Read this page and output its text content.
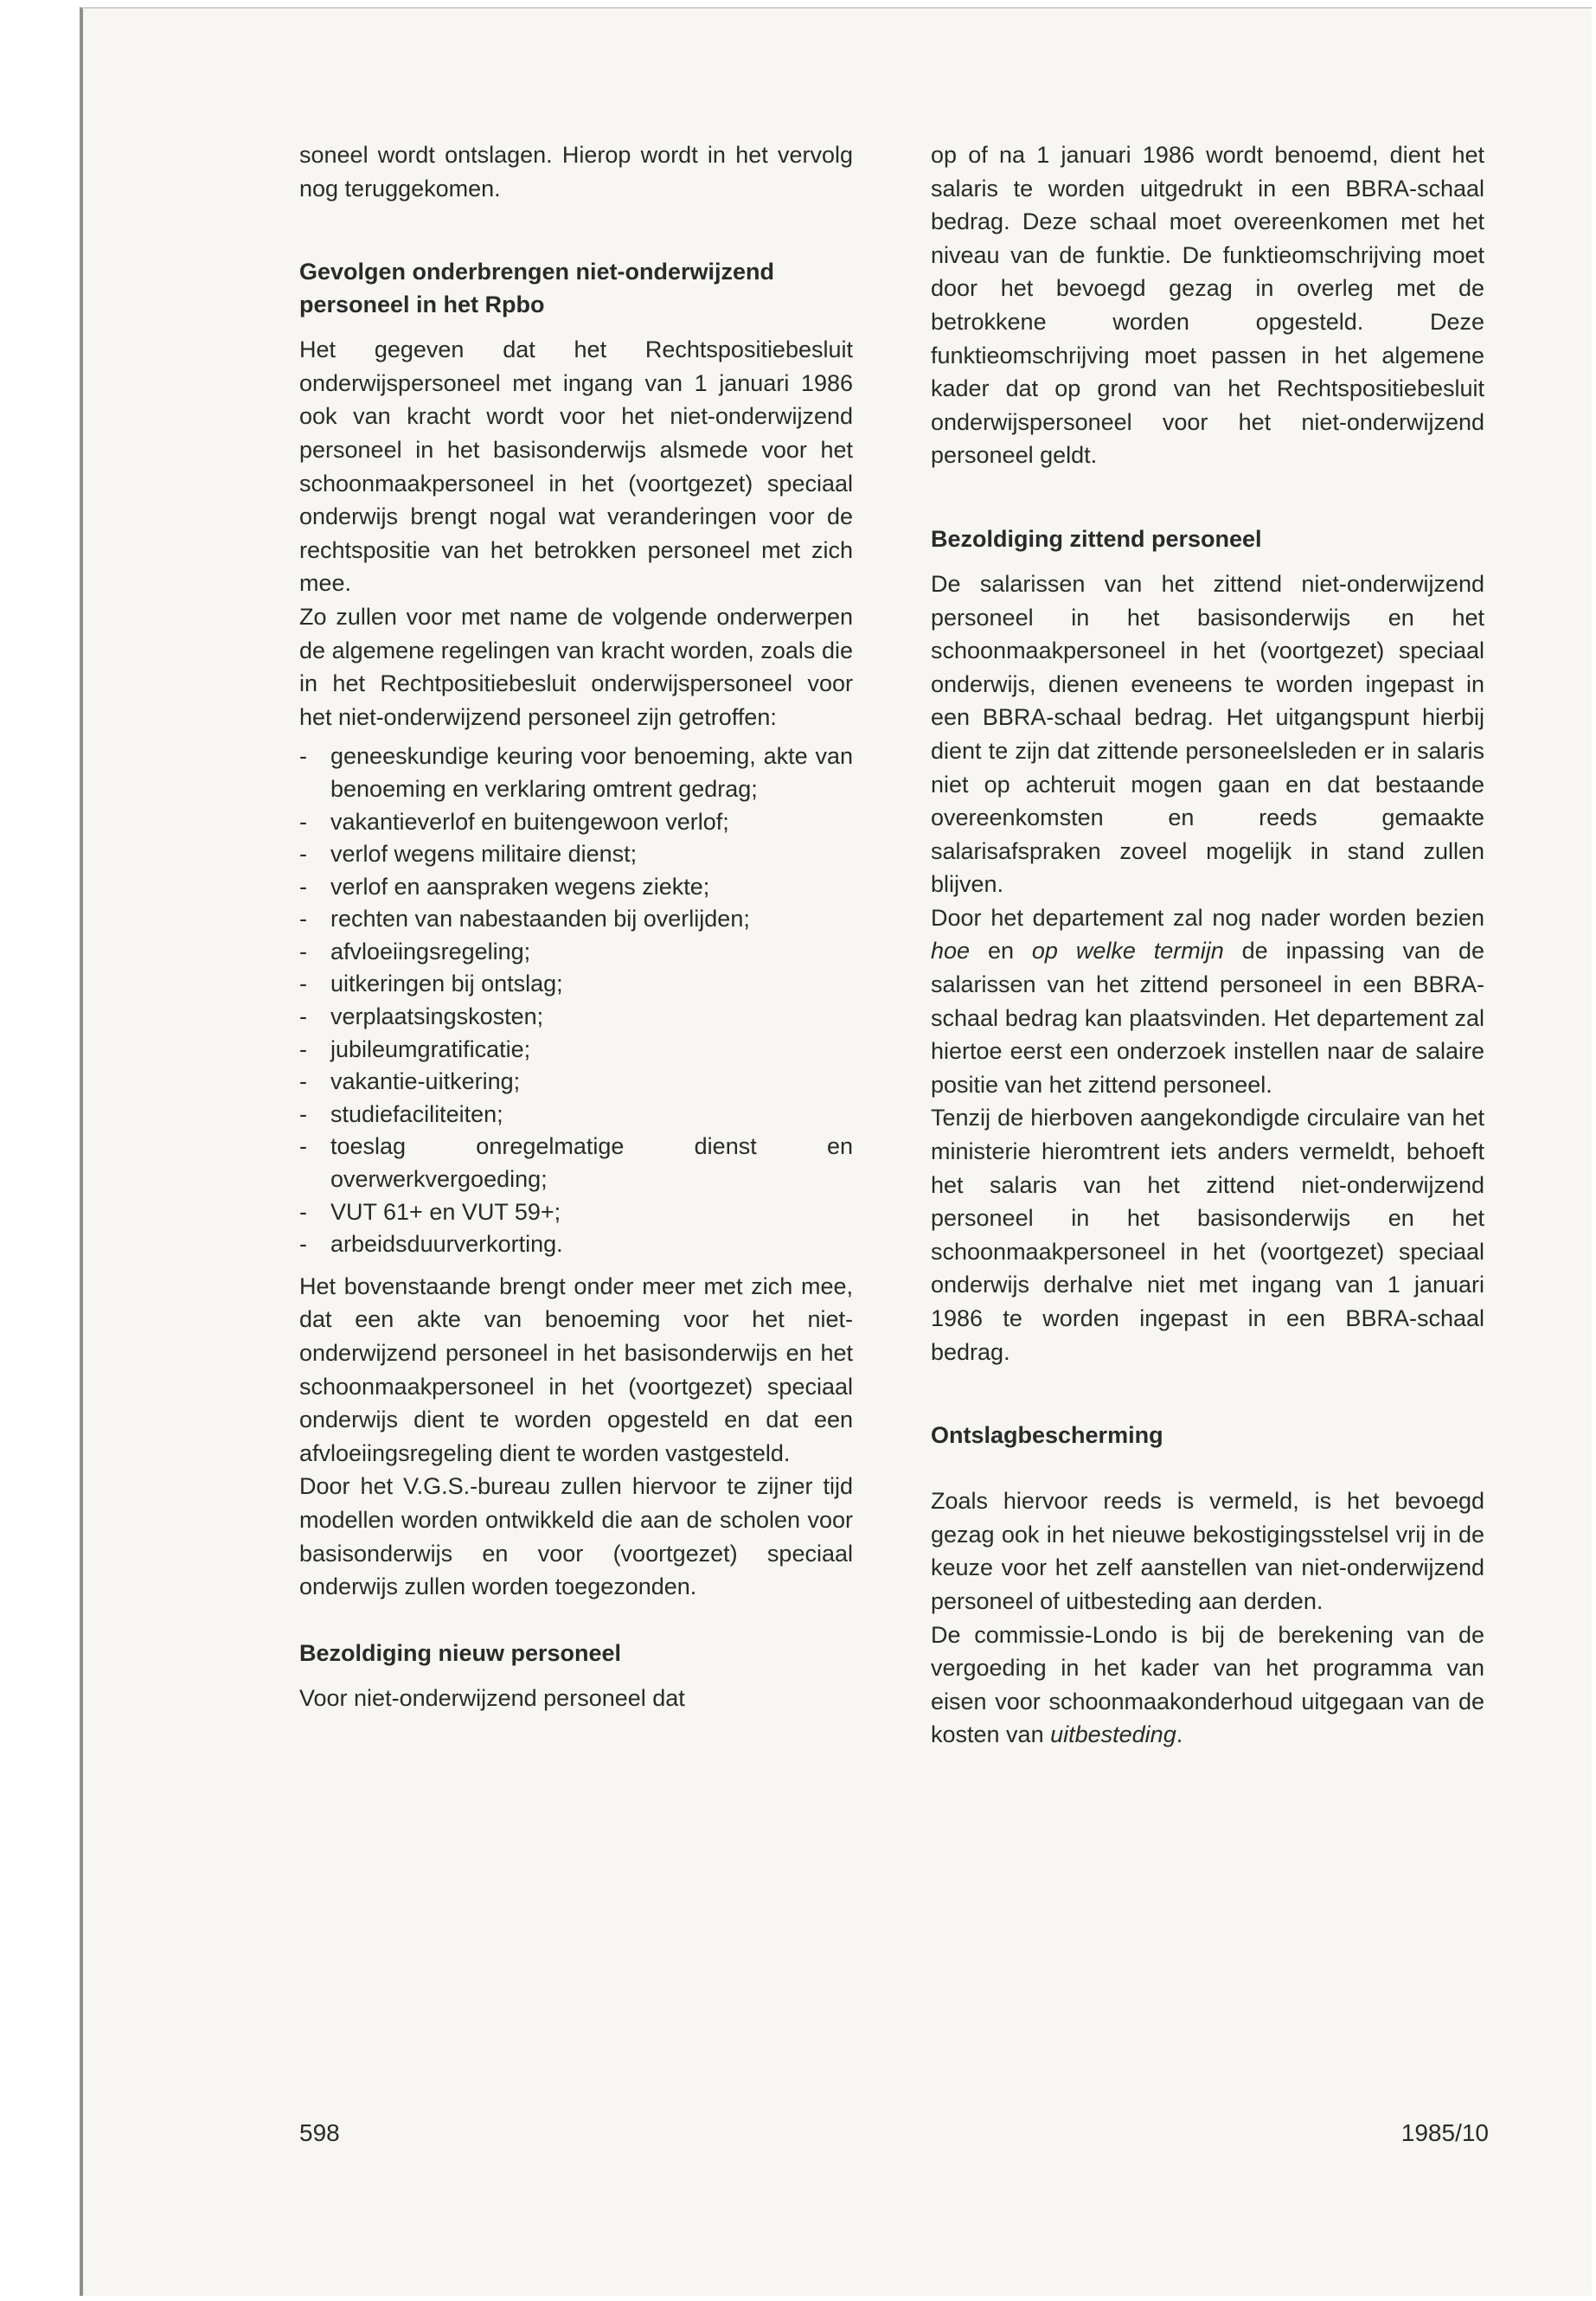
soneel wordt ontslagen. Hierop wordt in het vervolg nog teruggekomen.

Gevolgen onderbrengen niet-onderwijzend personeel in het Rpbo

Het gegeven dat het Rechtspositiebesluit onderwijspersoneel met ingang van 1 januari 1986 ook van kracht wordt voor het niet-onderwijzend personeel in het basisonderwijs alsmede voor het schoonmaakpersoneel in het (voortgezet) speciaal onderwijs brengt nogal wat veranderingen voor de rechtspositie van het betrokken personeel met zich mee.

Zo zullen voor met name de volgende onderwerpen de algemene regelingen van kracht worden, zoals die in het Rechtpositiebesluit onderwijspersoneel voor het niet-onderwijzend personeel zijn getroffen:

- geneeskundige keuring voor benoeming, akte van benoeming en verklaring omtrent gedrag;
- vakantieverlof en buitengewoon verlof;
- verlof wegens militaire dienst;
- verlof en aanspraken wegens ziekte;
- rechten van nabestaanden bij overlijden;
- afvloeiingsregeling;
- uitkeringen bij ontslag;
- verplaatsingskosten;
- jubileumgratificatie;
- vakantie-uitkering;
- studiefaciliteiten;
- toeslag onregelmatige dienst en overwerkvergoeding;
- VUT 61+ en VUT 59+;
- arbeidsduurverkorting.

Het bovenstaande brengt onder meer met zich mee, dat een akte van benoeming voor het niet-onderwijzend personeel in het basisonderwijs en het schoonmaakpersoneel in het (voortgezet) speciaal onderwijs dient te worden opgesteld en dat een afvloeiingsregeling dient te worden vastgesteld.

Door het V.G.S.-bureau zullen hiervoor te zijner tijd modellen worden ontwikkeld die aan de scholen voor basisonderwijs en voor (voortgezet) speciaal onderwijs zullen worden toegezonden.

Bezoldiging nieuw personeel

Voor niet-onderwijzend personeel dat

op of na 1 januari 1986 wordt benoemd, dient het salaris te worden uitgedrukt in een BBRA-schaal bedrag. Deze schaal moet overeenkomen met het niveau van de funktie. De funktieomschrijving moet door het bevoegd gezag in overleg met de betrokkene worden opgesteld. Deze funktieomschrijving moet passen in het algemene kader dat op grond van het Rechtspositiebesluit onderwijspersoneel voor het niet-onderwijzend personeel geldt.

Bezoldiging zittend personeel

De salarissen van het zittend niet-onderwijzend personeel in het basisonderwijs en het schoonmaakpersoneel in het (voortgezet) speciaal onderwijs, dienen eveneens te worden ingepast in een BBRA-schaal bedrag. Het uitgangspunt hierbij dient te zijn dat zittende personeelsleden er in salaris niet op achteruit mogen gaan en dat bestaande overeenkomsten en reeds gemaakte salarisafspraken zoveel mogelijk in stand zullen blijven.

Door het departement zal nog nader worden bezien hoe en op welke termijn de inpassing van de salarissen van het zittend personeel in een BBRA-schaal bedrag kan plaatsvinden. Het departement zal hiertoe eerst een onderzoek instellen naar de salaire positie van het zittend personeel.

Tenzij de hierboven aangekondigde circulaire van het ministerie hieromtrent iets anders vermeldt, behoeft het salaris van het zittend niet-onderwijzend personeel in het basisonderwijs en het schoonmaakpersoneel in het (voortgezet) speciaal onderwijs derhalve niet met ingang van 1 januari 1986 te worden ingepast in een BBRA-schaal bedrag.

Ontslagbescherming

Zoals hiervoor reeds is vermeld, is het bevoegd gezag ook in het nieuwe bekostigingsstelsel vrij in de keuze voor het zelf aanstellen van niet-onderwijzend personeel of uitbesteding aan derden.

De commissie-Londo is bij de berekening van de vergoeding in het kader van het programma van eisen voor schoonmaakonderhoud uitgegaan van de kosten van uitbesteding.

598	1985/10
